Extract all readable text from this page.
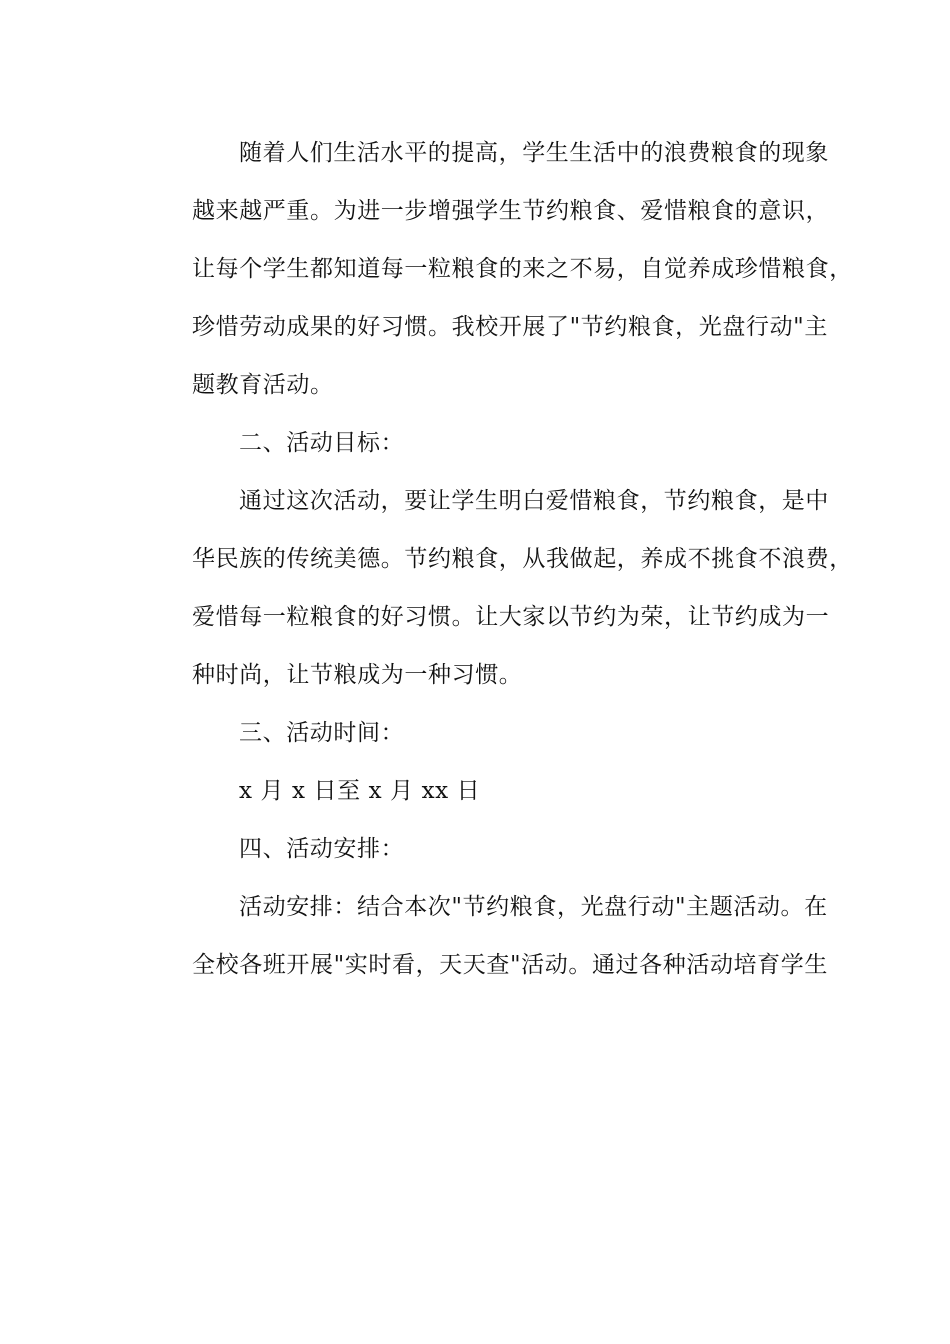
随着人们生活水平的提高，学生生活中的浪费粮食的现象
越来越严重。为进一步增强学生节约粮食、爱惜粮食的意识，
让每个学生都知道每一粒粮食的来之不易，自觉养成珍惜粮食，
珍惜劳动成果的好习惯。我校开展了"节约粮食，光盘行动"主
题教育活动。
二、活动目标：
通过这次活动，要让学生明白爱惜粮食，节约粮食，是中
华民族的传统美德。节约粮食，从我做起，养成不挑食不浪费，
爱惜每一粒粮食的好习惯。让大家以节约为荣，让节约成为一
种时尚，让节粮成为一种习惯。
三、活动时间：
x 月 x 日至 x 月 xx 日
四、活动安排：
活动安排：结合本次"节约粮食，光盘行动"主题活动。在
全校各班开展"实时看，天天查"活动。通过各种活动培育学生
